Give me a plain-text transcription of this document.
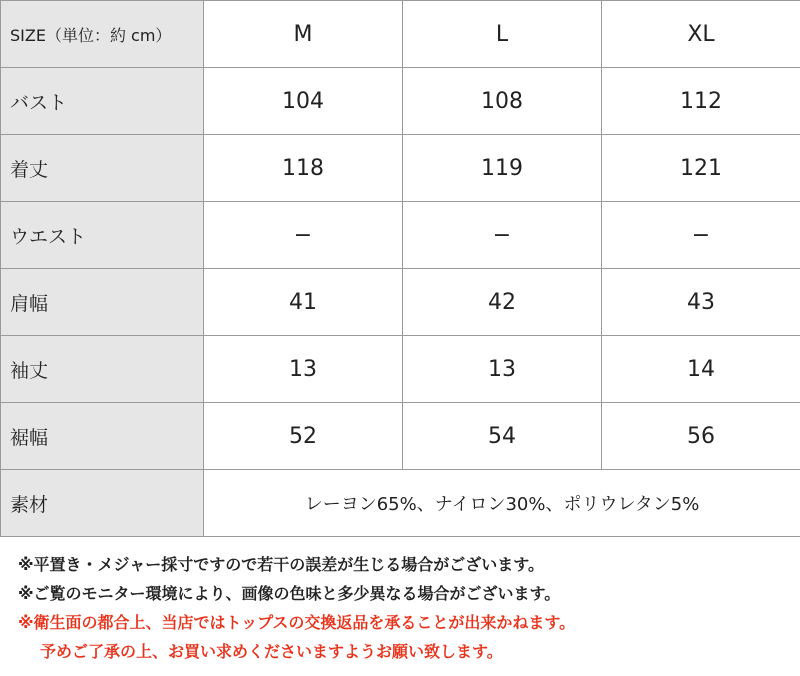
SIZE（単位：約 cm）	M	L	XL
バスト	104	108	112
着丈	118	119	121
ウエスト	−	−	−
肩幅	41	42	43
袖丈	13	13	14
裾幅	52	54	56
素材	レーヨン65%、ナイロン30%、ポリウレタン5%		
※平置き・メジャー採寸ですので若干の誤差が生じる場合がございます。
※ご覧のモニター環境により、画像の色味と多少異なる場合がございます。
※衛生面の都合上、当店ではトップスの交換返品を承ることが出来かねます。
予めご了承の上、お買い求めくださいますようお願い致します。
